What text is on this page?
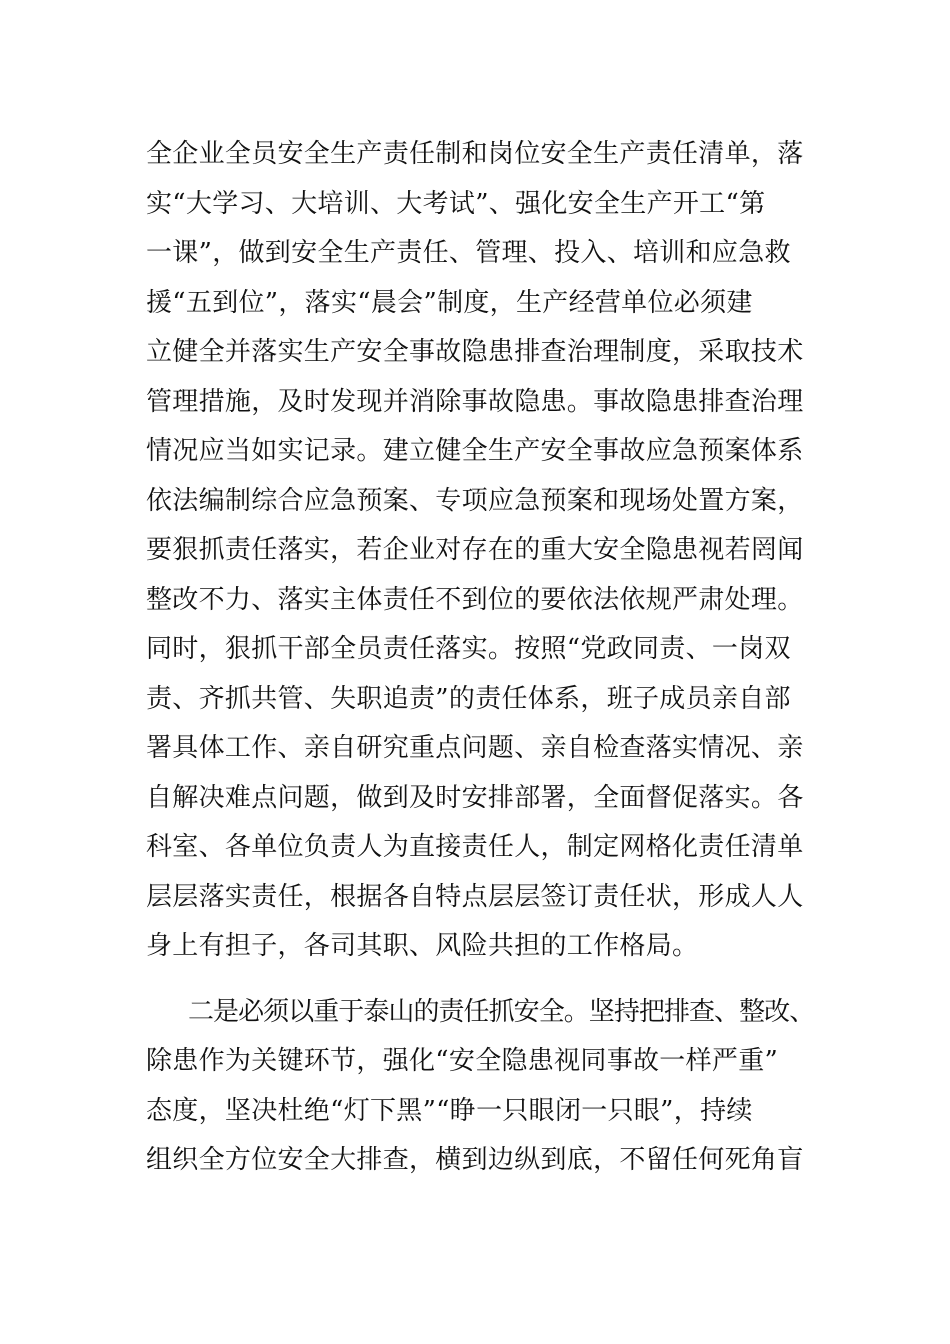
全企业全员安全生产责任制和岗位安全生产责任清单，落
实“大学习、大培训、大考试”、强化安全生产开工“第
一课”，做到安全生产责任、管理、投入、培训和应急救
援“五到位”，落实“晨会”制度，生产经营单位必须建
立健全并落实生产安全事故隐患排查治理制度，采取技术
管理措施，及时发现并消除事故隐患。事故隐患排查治理
情况应当如实记录。建立健全生产安全事故应急预案体系
依法编制综合应急预案、专项应急预案和现场处置方案，
要狠抓责任落实，若企业对存在的重大安全隐患视若罔闻
整改不力、落实主体责任不到位的要依法依规严肃处理。
同时，狠抓干部全员责任落实。按照“党政同责、一岗双
责、齐抓共管、失职追责”的责任体系，班子成员亲自部
署具体工作、亲自研究重点问题、亲自检查落实情况、亲
自解决难点问题，做到及时安排部署，全面督促落实。各
科室、各单位负责人为直接责任人，制定网格化责任清单
层层落实责任，根据各自特点层层签订责任状，形成人人
身上有担子，各司其职、风险共担的工作格局。
二是必须以重于泰山的责任抓安全。坚持把排查、整改、
除患作为关键环节，强化“安全隐患视同事故一样严重”
态度，坚决杜绝“灯下黑”“睁一只眼闭一只眼”，持续
组织全方位安全大排查，横到边纵到底，不留任何死角盲
